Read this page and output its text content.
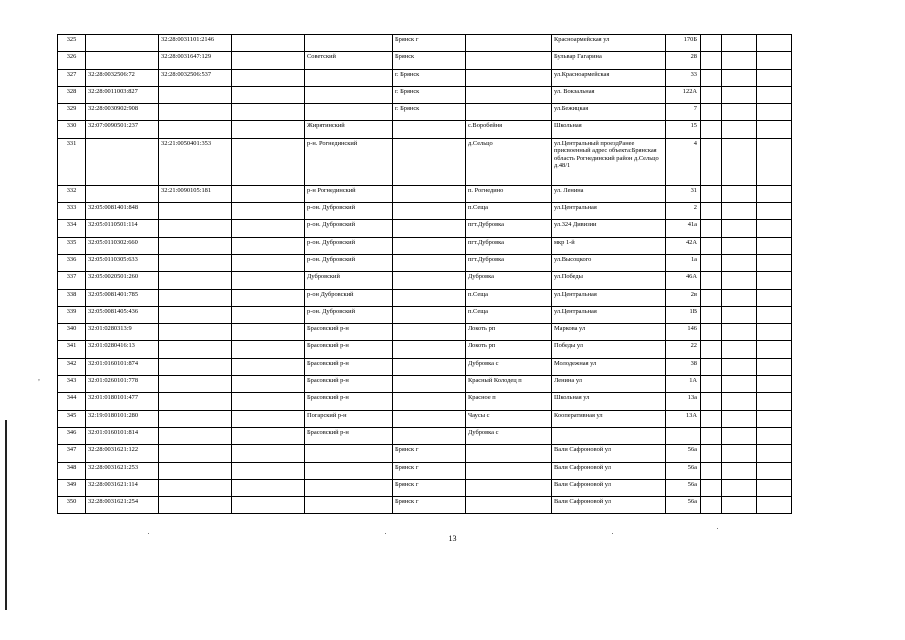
325		32:28:0031101:2146			Брянск г		Красноармейская ул	170Б			
326		32:28:0031647:129		Советский	Брянск		Бульвар Гагарина	28			
327	32:28:0032506:72	32:28:0032506:537			г. Брянск		ул.Красноармейская	33			
328	32:28:0011003:827				г. Брянск		ул. Вокзальная	122А			
329	32:28:0030902:908				г. Брянск		ул.Бежицкая	7			
330	32:07:0090501:237			Жирятинский		с.Воробейня	Школьная	15			
331		32:21:0050401:353		р-н. Рогнединский		д.Сельцо	ул.Центральный проездРанее присвоенный адрес объекта:Брянская область Рогнединский район д.Сельцо д.48/1	4			
332		32:21:0090105:181		р-н Рогнединский		п. Рогнедино	ул. Ленина	31			
333	32:05:0081401:848			р-он. Дубровский		п.Сеща	ул.Центральная	2			
334	32:05:0110501:114			р-он. Дубровский		пгт.Дубровка	ул.324 Дивизии	41а			
335	32:05:0110302:660			р-он. Дубровский		пгт.Дубровка	мкр 1-й	42А			
336	32:05:0110305:633			р-он. Дубровский		пгт.Дубровка	ул.Высоцкого	1а			
337	32:05:0020501:260			Дубровский		Дубровка	ул.Победы	46А			
338	32:05:0081401:785			р-он Дубровский		п.Сеща	ул.Центральная	2в			
339	32:05:0081405:436			р-он. Дубровский		п.Сеща	ул.Центральная	1В			
340	32:01:0280313:9			Брасовский р-н		Локоть рп	Маркова ул	146			
341	32:01:0280416:13			Брасовский р-н		Локоть рп	Победы ул	22			
342	32:01:0160101:874			Брасовский р-н		Дубровка с	Молодежная ул	38			
343	32:01:0260101:778			Брасовский р-н		Красный Колодец п	Ленина ул	1А			
344	32:01:0180101:477			Брасовский р-н		Красное п	Школьная ул	13а			
345	32:19:0180101:280			Погарский р-н		Чаусы с	Кооперативная ул	13А			
346	32:01:0160101:814			Брасовский р-н		Дубровка с					
347	32:28:0031621:122				Брянск г		Вали Сафроновой ул	56а			
348	32:28:0031621:253				Брянск г		Вали Сафроновой ул	56а			
349	32:28:0031621:114				Брянск г		Вали Сафроновой ул	56а			
350	32:28:0031621:254				Брянск г		Вали Сафроновой ул	56а			
13
,
